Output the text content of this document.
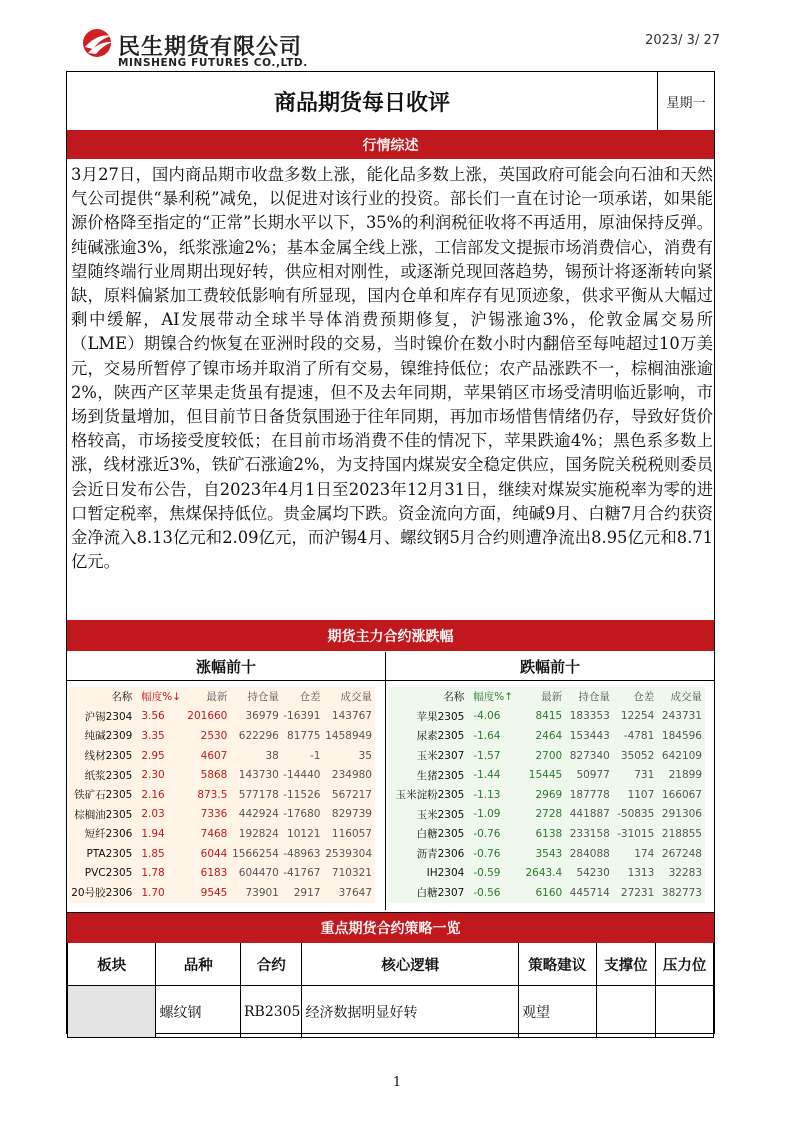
民生期货有限公司
MINSHENG FUTURES CO.,LTD.
2023/ 3/ 27
商品期货每日收评	星期一
行情综述
3月27日，国内商品期市收盘多数上涨，能化品多数上涨，英国政府可能会向石油和天然气公司提供“暴利税”减免，以促进对该行业的投资。部长们一直在讨论一项承诺，如果能源价格降至指定的“正常”长期水平以下，35%的利润税征收将不再适用，原油保持反弹。纯碱涨逾3%，纸浆涨逾2%；基本金属全线上涨，工信部发文提振市场消费信心，消费有望随终端行业周期出现好转，供应相对刚性，或逐渐兑现回落趋势，锡预计将逐渐转向紧缺，原料偏紧加工费较低影响有所显现，国内仓单和库存有见顶迹象，供求平衡从大幅过剩中缓解，AI发展带动全球半导体消费预期修复，沪锡涨逾3%，伦敦金属交易所（LME）期镍合约恢复在亚洲时段的交易，当时镍价在数小时内翻倍至每吨超过10万美元，交易所暂停了镍市场并取消了所有交易，镍维持低位；农产品涨跌不一，棕榈油涨逾2%，陕西产区苹果走货虽有提速，但不及去年同期，苹果销区市场受清明临近影响，市场到货量增加，但目前节日备货氛围逊于往年同期，再加市场惜售情绪仍存，导致好货价格较高，市场接受度较低；在目前市场消费不佳的情况下，苹果跌逾4%；黑色系多数上涨，线材涨近3%，铁矿石涨逾2%，为支持国内煤炭安全稳定供应，国务院关税税则委员会近日发布公告，自2023年4月1日至2023年12月31日，继续对煤炭实施税率为零的进口暂定税率，焦煤保持低位。贵金属均下跌。资金流向方面，纯碱9月、白糖7月合约获资金净流入8.13亿元和2.09亿元，而沪锡4月、螺纹钢5月合约则遭净流出8.95亿元和8.71亿元。
期货主力合约涨跌幅
涨幅前十	跌幅前十
名称	幅度%↓	最新	持仓量	仓差	成交量
沪锡2304	3.56	201660	36979	-16391	143767
纯碱2309	3.35	2530	622296	81775	1458949
线材2305	2.95	4607	38	-1	35
纸浆2305	2.30	5868	143730	-14440	234980
铁矿石2305	2.16	873.5	577178	-11526	567217
棕榈油2305	2.03	7336	442924	-17680	829739
短纤2306	1.94	7468	192824	10121	116057
PTA2305	1.85	6044	1566254	-48963	2539304
PVC2305	1.78	6183	604470	-41767	710321
20号胶2306	1.70	9545	73901	2917	37647
名称	幅度%↑	最新	持仓量	仓差	成交量
苹果2305	-4.06	8415	183353	12254	243731
尿素2305	-1.64	2464	153443	-4781	184596
玉米2307	-1.57	2700	827340	35052	642109
生猪2305	-1.44	15445	50977	731	21899
玉米淀粉2305	-1.13	2969	187778	1107	166067
玉米2305	-1.09	2728	441887	-50835	291306
白糖2305	-0.76	6138	233158	-31015	218855
沥青2306	-0.76	3543	284088	174	267248
IH2304	-0.59	2643.4	54230	1313	32283
白糖2307	-0.56	6160	445714	27231	382773
重点期货合约策略一览
板块	品种	合约	核心逻辑	策略建议	支撑位	压力位
	螺纹钢	RB2305	经济数据明显好转	观望		
1
